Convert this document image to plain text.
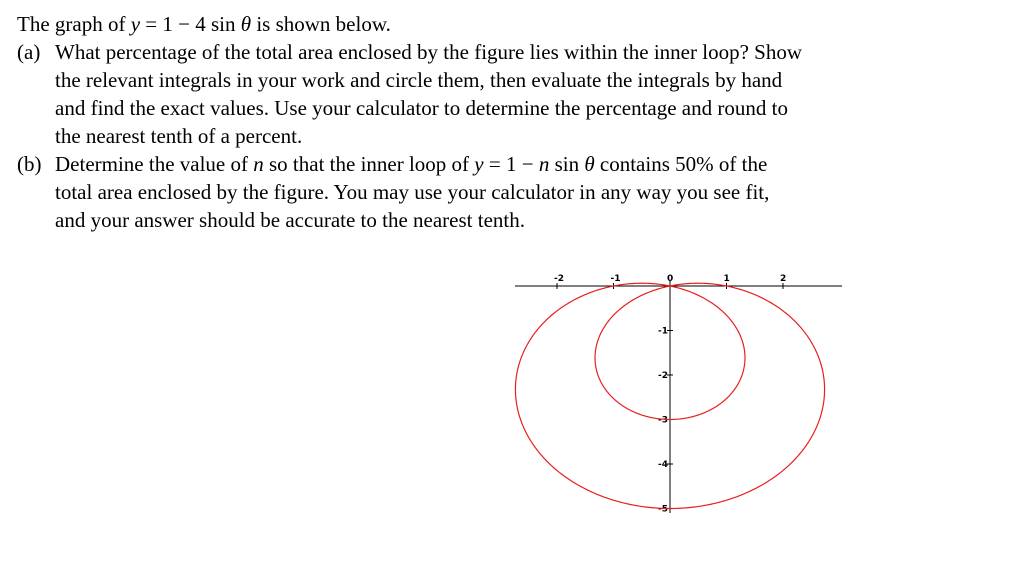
The graph of y = 1 − 4 sin θ is shown below.
(a) What percentage of the total area enclosed by the figure lies within the inner loop? Show
the relevant integrals in your work and circle them, then evaluate the integrals by hand
and find the exact values. Use your calculator to determine the percentage and round to
the nearest tenth of a percent.
(b) Determine the value of n so that the inner loop of y = 1 − n sin θ contains 50% of the
total area enclosed by the figure. You may use your calculator in any way you see fit,
and your answer should be accurate to the nearest tenth.
-2	-1	0	1	2
-1
-2
-3
-4
-5
